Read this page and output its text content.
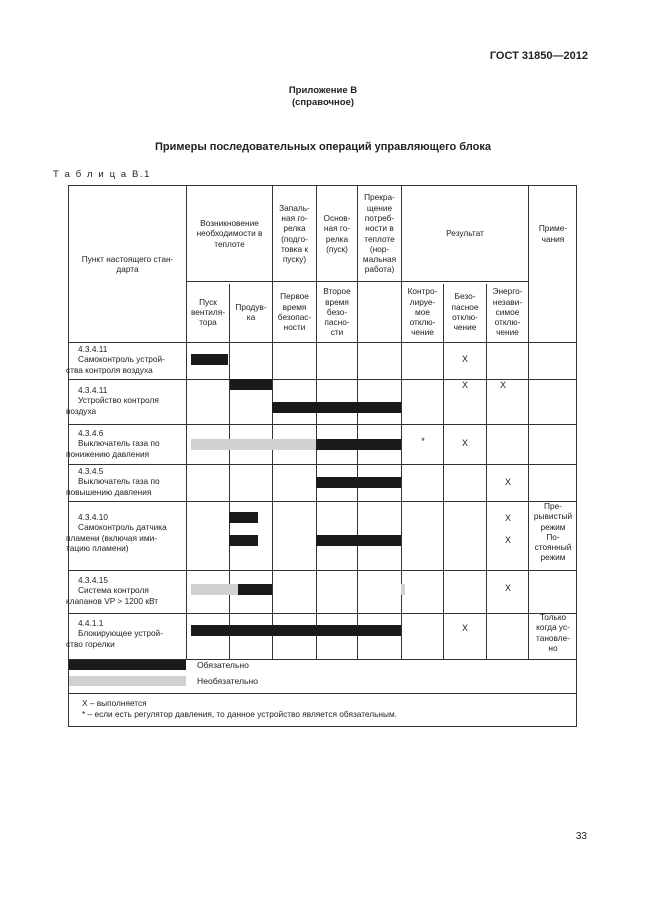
ГОСТ 31850—2012
Приложение В
(справочное)
Примеры последовательных операций управляющего блока
Т а б л и ц а В.1
Пункт настоящего стан-
дарта
Возникновение
необходимости в
теплоте
Запаль-
ная го-
релка
(подго-
товка к
пуску)
Основ-
ная го-
релка
(пуск)
Прекра-
щение
потреб-
ности в
теплоте
(нор-
мальная
работа)
Результат
Приме-
чания
Пуск
вентиля-
тора
Продув-
ка
Первое
время
безопас-
ности
Второе
время
безо-
пасно-
сти
Контро-
лируе-
мое
отклю-
чение
Безо-
пасное
отклю-
чение
Энерго-
незави-
симое
отклю-
чение
4.3.4.11
Самоконтроль устрой-
ства контроля воздуха
X
4.3.4.11
Устройство контроля
воздуха
X	X
4.3.4.6
Выключатель газа по
понижению давления
*	X
4.3.4.5
Выключатель газа по
повышению давления
X
4.3.4.10
Самоконтроль датчика
пламени (включая ими-
тацию пламени)
X
X
Пре-
рывистый
режим
По-
стоянный
режим
4.3.4.15
Система контроля
клапанов VP > 1200 кВт
X
4.4.1.1
Блокирующее устрой-
ство горелки
X
Только
когда ус-
тановле-
но
Обязательно
Необязательно
X – выполняется
* – если есть регулятор давления, то данное устройство является обязательным.
33
